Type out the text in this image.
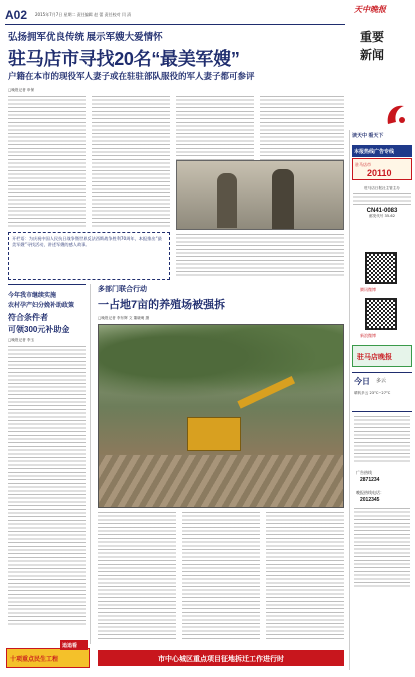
A02 2015年7月7日 星期二 责任编辑 赵 蕾 责任校对 闫 清
天中晚报
重要
新闻
读天中 看天下
本报热线广告专线
驻马店市
20110
驻马店日报社主管主办
CN41-0083
邮发代号 35-62
腾讯微博
新浪微博
驻马店晚报
今日 多云
晴转多云 23°C~27°C
广告热线
2871234
晚报热线电话：
2012345
弘扬拥军优良传统 展示军嫂大爱情怀
驻马店市寻找20名“最美军嫂”
户籍在本市的现役军人妻子或在驻驻部队服役的军人妻子都可参评
□晚报记者 申保
开栏语：为庆祝中国人民抗日战争暨世界反法西斯战争胜利70周年，本报推出“最美军嫂”寻找活动，讲述军嫂的感人故事。
今年我市继续实施
农村孕产妇分娩补助政策
符合条件者
可领300元补助金
□晚报记者 李玉
多部门联合行动
一占地7亩的养殖场被强拆
□晚报记者 李东辉 文 董晓萌 摄
十项重点民生工程
追追看
市中心城区重点项目征地拆迁工作进行时
